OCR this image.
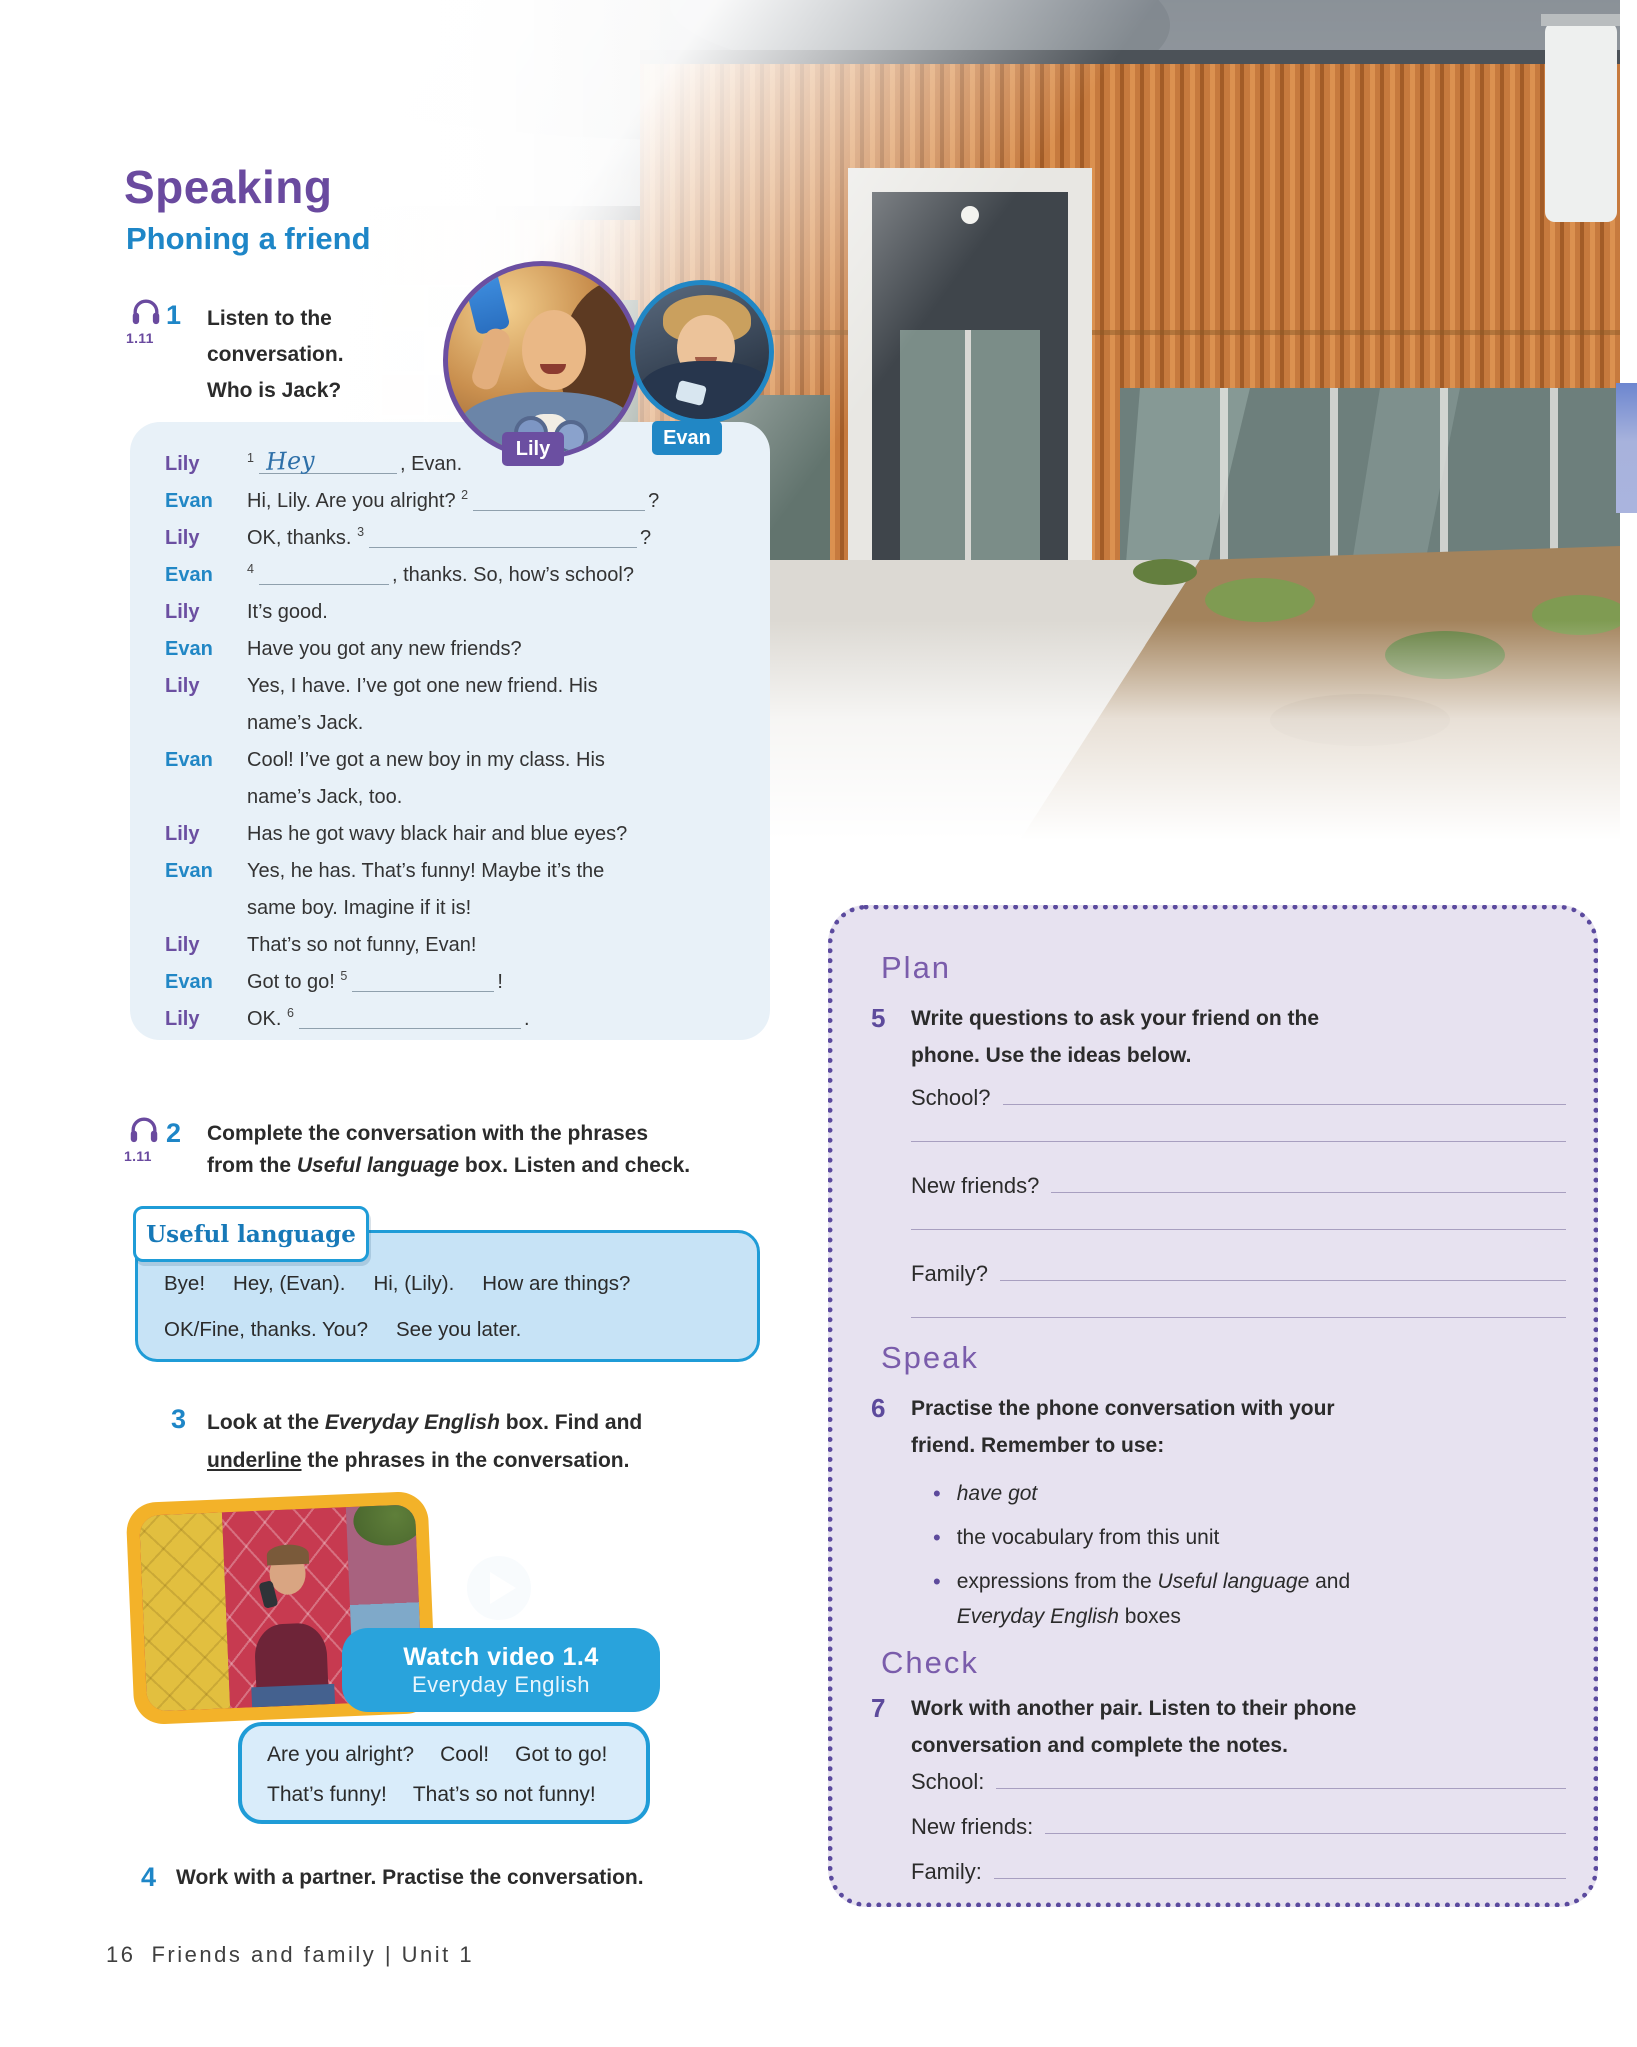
Speaking
Phoning a friend
1.11
1 Listen to the
conversation.
Who is Jack?
Lily	$^1$ Hey	, Evan.
Evan	Hi, Lily. Are you alright? $^2$	?
Lily	OK, thanks. $^3$	?
Evan	$^4$	, thanks. So, how’s school?
Lily	It’s good.
Evan	Have you got any new friends?
Lily	Yes, I have. I’ve got one new friend. His
name’s Jack.
Evan	Cool! I’ve got a new boy in my class. His
name’s Jack, too.
Lily	Has he got wavy black hair and blue eyes?
Evan	Yes, he has. That’s funny! Maybe it’s the
same boy. Imagine if it is!
Lily	That’s so not funny, Evan!
Evan	Got to go! $^5$	!
Lily	OK. $^6$	.
Lily	Evan
1.11
2 Complete the conversation with the phrases
from the Useful language box. Listen and check.
Bye! Hey, (Evan). Hi, (Lily). How are things?
OK/Fine, thanks. You? See you later.
Useful language
3 Look at the Everyday English box. Find and
underline the phrases in the conversation.
Are you alright? Cool! Got to go!
That’s funny! That’s so not funny!
Watch video 1.4
Everyday English
4 Work with a partner. Practise the conversation.
Plan
5 Write questions to ask your friend on the
phone. Use the ideas below.
School?
New friends?
Family?
Speak
6 Practise the phone conversation with your
friend. Remember to use:
• have got
• the vocabulary from this unit
• expressions from the Useful language and
Everyday English boxes
Check
7 Work with another pair. Listen to their phone
conversation and complete the notes.
School:
New friends:
Family:
16 Friends and family | Unit 1
